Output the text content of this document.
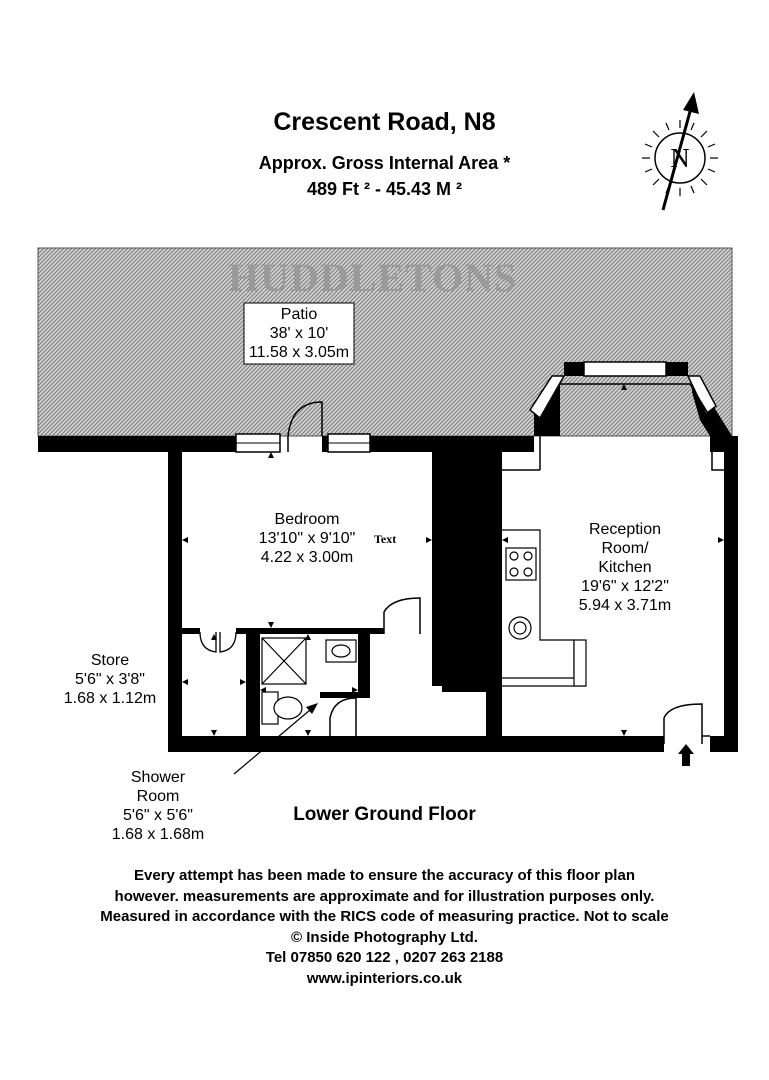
Crescent Road, N8
Approx. Gross Internal Area *
489 Ft ² - 45.43 M ²
HUDDLETONS
N
Patio
38' x 10'
11.58 x 3.05m
Bedroom
13'10" x 9'10"
4.22 x 3.00m
Text
Reception
Room/
Kitchen
19'6" x 12'2"
5.94 x 3.71m
Store
5'6" x 3'8"
1.68 x 1.12m
Shower
Room
5'6" x 5'6"
1.68 x 1.68m
Lower Ground Floor
Every attempt has been made to ensure the accuracy of this floor plan
however. measurements are approximate and for illustration purposes only.
Measured in accordance with the RICS code of measuring practice. Not to scale
© Inside Photography Ltd.
Tel 07850 620 122 , 0207 263 2188
www.ipinteriors.co.uk
